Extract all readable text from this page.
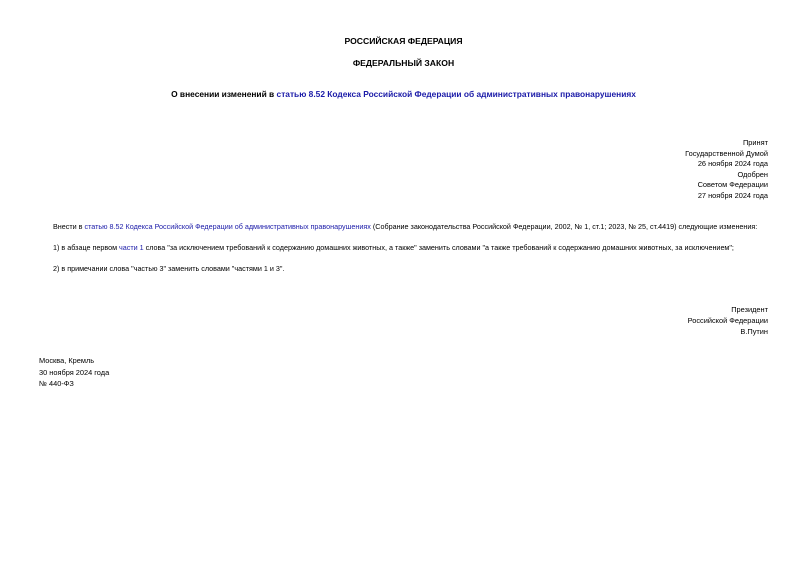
РОССИЙСКАЯ ФЕДЕРАЦИЯ
ФЕДЕРАЛЬНЫЙ ЗАКОН
О внесении изменений в статью 8.52 Кодекса Российской Федерации об административных правонарушениях
Принят
Государственной Думой
26 ноября 2024 года
Одобрен
Советом Федерации
27 ноября 2024 года
Внести в статью 8.52 Кодекса Российской Федерации об административных правонарушениях (Собрание законодательства Российской Федерации, 2002, № 1, ст.1; 2023, № 25, ст.4419) следующие изменения:
1) в абзаце первом части 1 слова "за исключением требований к содержанию домашних животных, а также" заменить словами "а также требований к содержанию домашних животных, за исключением";
2) в примечании слова "частью 3" заменить словами "частями 1 и 3".
Президент
Российской Федерации
В.Путин
Москва, Кремль
30 ноября 2024 года
№ 440-ФЗ
